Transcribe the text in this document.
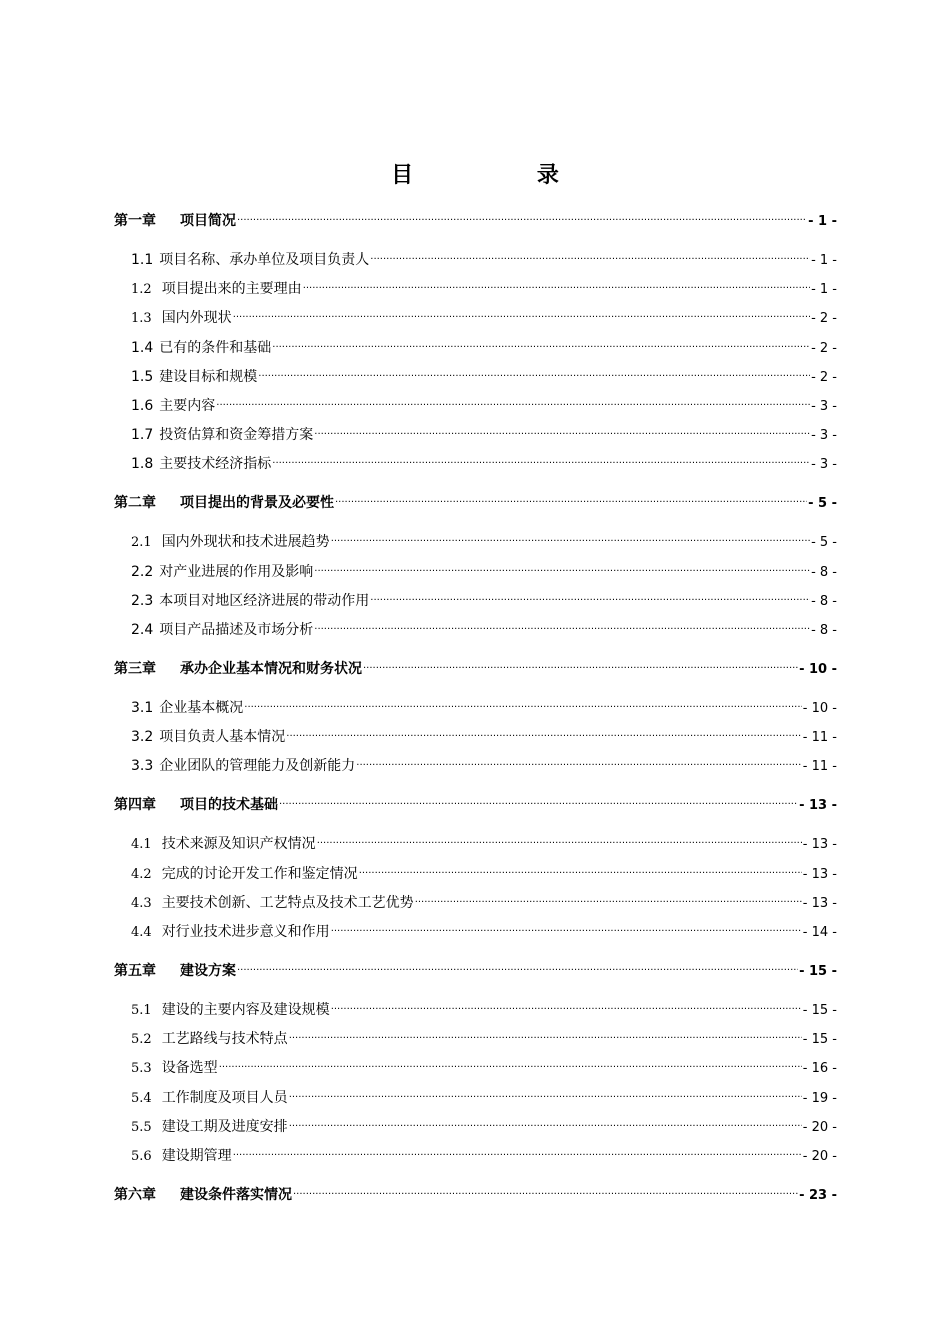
目 录
第一章 项目简况 .....	- 1 -
1.1 项目名称、承办单位及项目负责人 .....	- 1 -
1.2 项目提出来的主要理由 .....	- 1 -
1.3 国内外现状 .....	- 2 -
1.4 已有的条件和基础 .....	- 2 -
1.5 建设目标和规模 .....	- 2 -
1.6 主要内容 .....	- 3 -
1.7 投资估算和资金筹措方案 .....	- 3 -
1.8 主要技术经济指标 .....	- 3 -
第二章 项目提出的背景及必要性 .....	- 5 -
2.1 国内外现状和技术进展趋势 .....	- 5 -
2.2 对产业进展的作用及影响 .....	- 8 -
2.3 本项目对地区经济进展的带动作用 .....	- 8 -
2.4 项目产品描述及市场分析 .....	- 8 -
第三章 承办企业基本情况和财务状况 .....	- 10 -
3.1 企业基本概况 .....	- 10 -
3.2 项目负责人基本情况 .....	- 11 -
3.3 企业团队的管理能力及创新能力 .....	- 11 -
第四章 项目的技术基础 .....	- 13 -
4.1 技术来源及知识产权情况 .....	- 13 -
4.2 完成的讨论开发工作和鉴定情况 .....	- 13 -
4.3 主要技术创新、工艺特点及技术工艺优势 .....	- 13 -
4.4 对行业技术进步意义和作用 .....	- 14 -
第五章 建设方案 .....	- 15 -
5.1 建设的主要内容及建设规模 .....	- 15 -
5.2 工艺路线与技术特点 .....	- 15 -
5.3 设备选型 .....	- 16 -
5.4 工作制度及项目人员 .....	- 19 -
5.5 建设工期及进度安排 .....	- 20 -
5.6 建设期管理 .....	- 20 -
第六章 建设条件落实情况 .....	- 23 -
